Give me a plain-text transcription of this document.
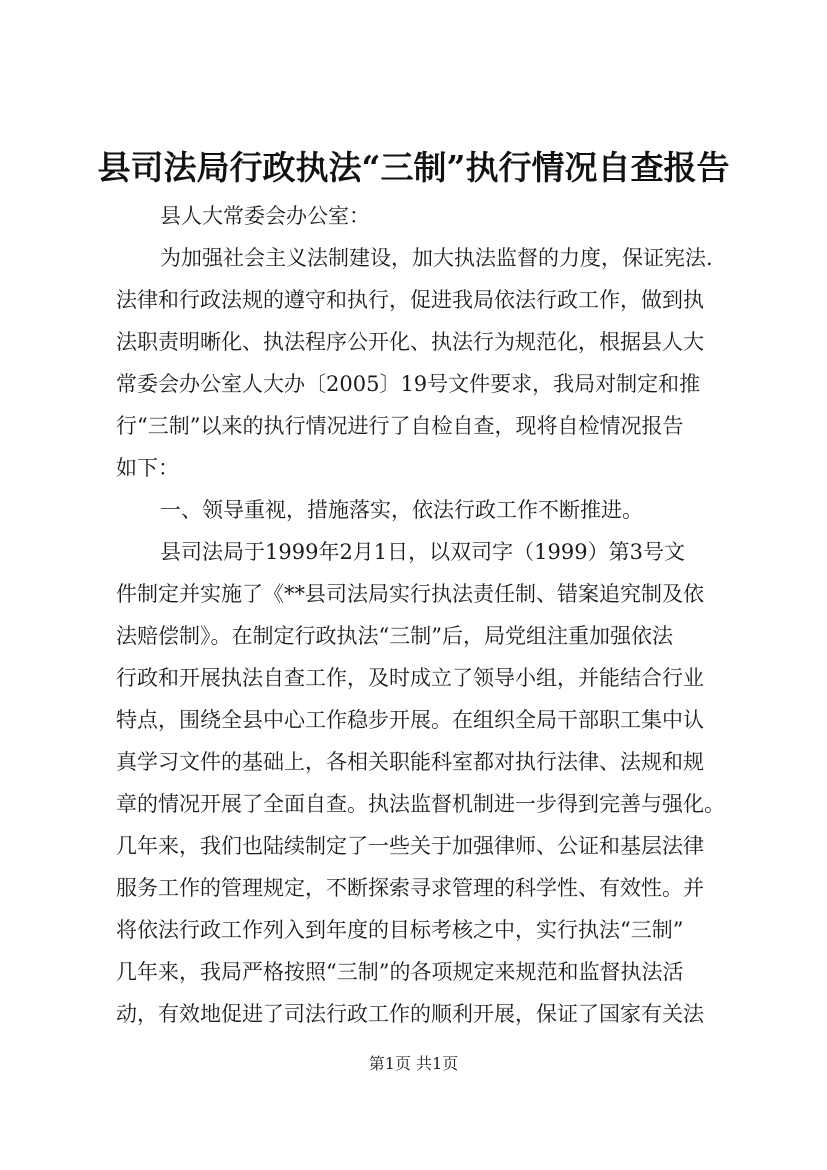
县司法局行政执法“三制”执行情况自查报告
县人大常委会办公室：
为加强社会主义法制建设，加大执法监督的力度，保证宪法.
法律和行政法规的遵守和执行，促进我局依法行政工作，做到执
法职责明晰化、执法程序公开化、执法行为规范化，根据县人大
常委会办公室人大办〔2005〕19号文件要求，我局对制定和推
行“三制”以来的执行情况进行了自检自查，现将自检情况报告
如下：
一、领导重视，措施落实，依法行政工作不断推进。
县司法局于1999年2月1日，以双司字（1999）第3号文
件制定并实施了《**县司法局实行执法责任制、错案追究制及依
法赔偿制》。在制定行政执法“三制”后，局党组注重加强依法
行政和开展执法自查工作，及时成立了领导小组，并能结合行业
特点，围绕全县中心工作稳步开展。在组织全局干部职工集中认
真学习文件的基础上，各相关职能科室都对执行法律、法规和规
章的情况开展了全面自查。执法监督机制进一步得到完善与强化。
几年来，我们也陆续制定了一些关于加强律师、公证和基层法律
服务工作的管理规定，不断探索寻求管理的科学性、有效性。并
将依法行政工作列入到年度的目标考核之中，实行执法“三制”
几年来，我局严格按照“三制”的各项规定来规范和监督执法活
动，有效地促进了司法行政工作的顺利开展，保证了国家有关法
第1页 共1页
